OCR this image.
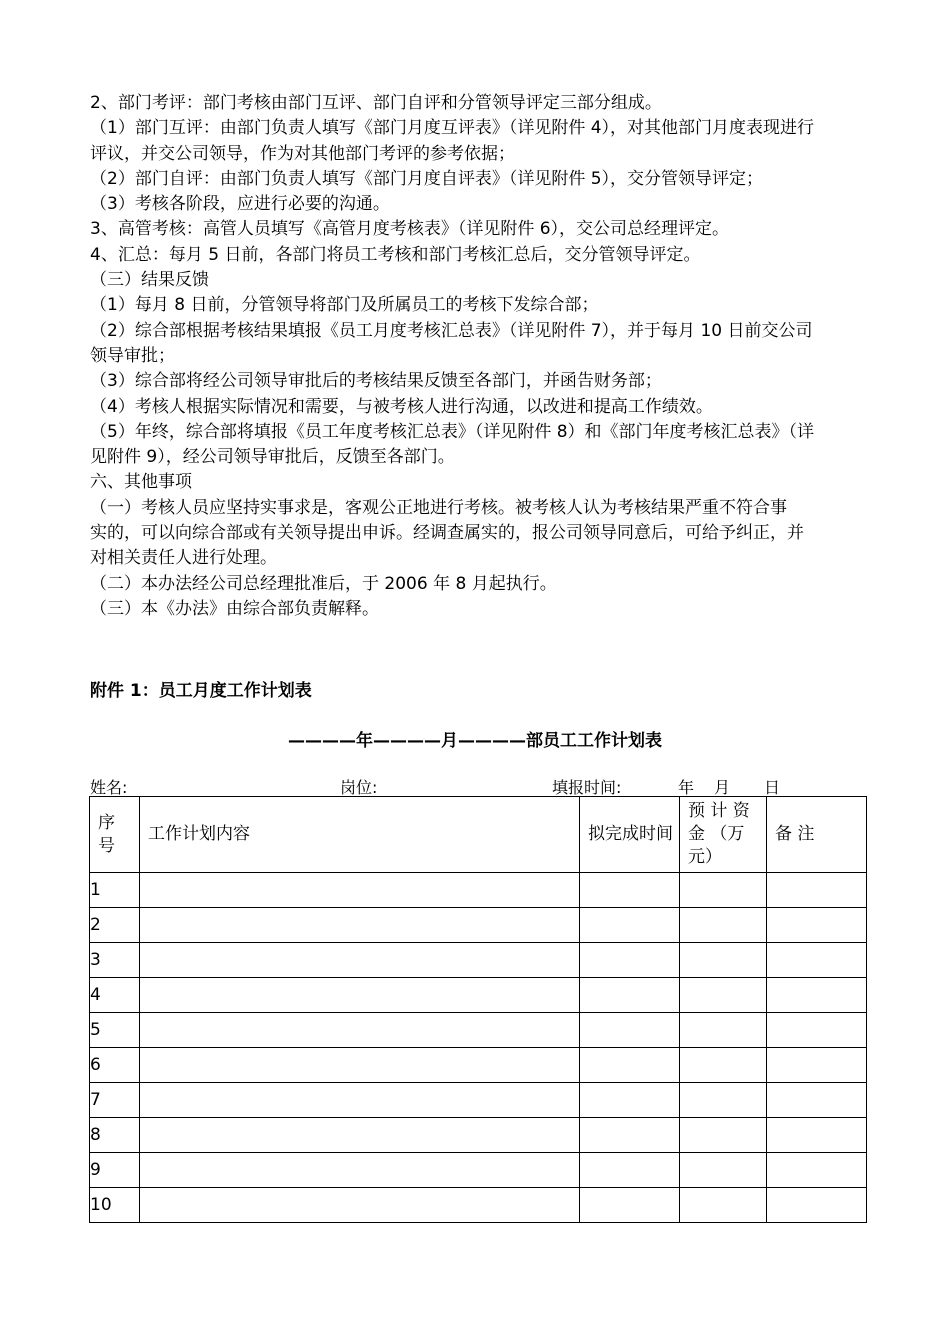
2、部门考评：部门考核由部门互评、部门自评和分管领导评定三部分组成。

（1）部门互评：由部门负责人填写《部门月度互评表》（详见附件 4），对其他部门月度表现进行

评议，并交公司领导，作为对其他部门考评的参考依据；

（2）部门自评：由部门负责人填写《部门月度自评表》（详见附件 5），交分管领导评定；

（3）考核各阶段，应进行必要的沟通。

3、高管考核：高管人员填写《高管月度考核表》（详见附件 6），交公司总经理评定。

4、汇总：每月 5 日前，各部门将员工考核和部门考核汇总后，交分管领导评定。

（三）结果反馈

（1）每月 8 日前，分管领导将部门及所属员工的考核下发综合部；

（2）综合部根据考核结果填报《员工月度考核汇总表》（详见附件 7），并于每月 10 日前交公司

领导审批；

（3）综合部将经公司领导审批后的考核结果反馈至各部门，并函告财务部；

（4）考核人根据实际情况和需要，与被考核人进行沟通，以改进和提高工作绩效。

（5）年终，综合部将填报《员工年度考核汇总表》（详见附件 8）和《部门年度考核汇总表》（详

见附件 9），经公司领导审批后，反馈至各部门。

六、其他事项

（一）考核人员应坚持实事求是，客观公正地进行考核。被考核人认为考核结果严重不符合事

实的，可以向综合部或有关领导提出申诉。经调查属实的，报公司领导同意后，可给予纠正，并

对相关责任人进行处理。

（二）本办法经公司总经理批准后，于 2006 年 8 月起执行。

（三）本《办法》由综合部负责解释。

附件 1：员工月度工作计划表
————年————月————部员工工作计划表
姓名:	岗位:	填报时间:	年 月 日
序号	工作计划内容	拟完成时间	预 计 资金 （万元）	备 注

1				
2				
3				
4				
5				
6				
7				
8				
9				
10				
